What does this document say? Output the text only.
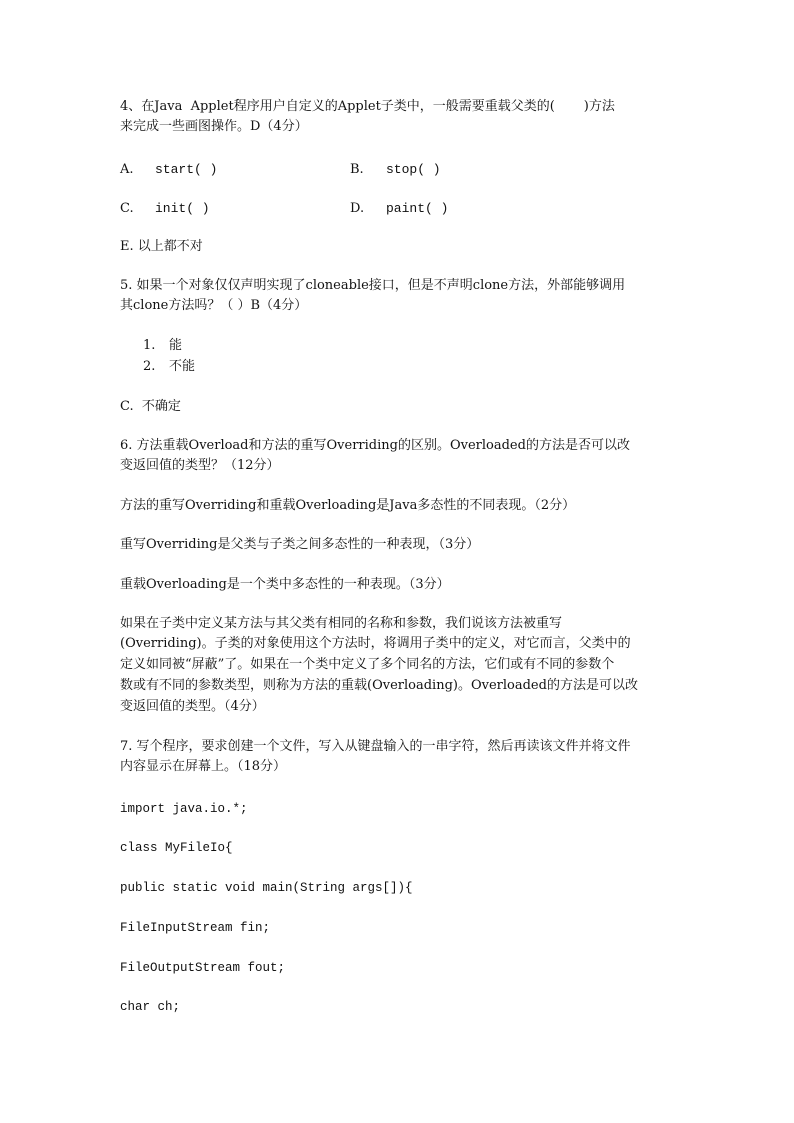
4、在Java  Applet程序用户自定义的Applet子类中，一般需要重载父类的(       )方法

来完成一些画图操作。D（4分）

A. start( )	B. stop( )
C. init( )	D. paint( )

E. 以上都不对

5. 如果一个对象仅仅声明实现了cloneable接口，但是不声明clone方法，外部能够调用

其clone方法吗？（ ）B（4分）

1. 能
2. 不能

C.  不确定

6. 方法重载Overload和方法的重写Overriding的区别。Overloaded的方法是否可以改

变返回值的类型？（12分）

方法的重写Overriding和重载Overloading是Java多态性的不同表现。（2分）

重写Overriding是父类与子类之间多态性的一种表现，（3分）

重载Overloading是一个类中多态性的一种表现。（3分）

如果在子类中定义某方法与其父类有相同的名称和参数，我们说该方法被重写

(Overriding)。子类的对象使用这个方法时，将调用子类中的定义，对它而言，父类中的

定义如同被“屏蔽”了。如果在一个类中定义了多个同名的方法，它们或有不同的参数个

数或有不同的参数类型，则称为方法的重载(Overloading)。Overloaded的方法是可以改

变返回值的类型。（4分）

7. 写个程序，要求创建一个文件，写入从键盘输入的一串字符，然后再读该文件并将文件

内容显示在屏幕上。（18分）

import java.io.*;

class MyFileIo{

public static void main(String args[]){

FileInputStream fin;

FileOutputStream fout;

char ch;
